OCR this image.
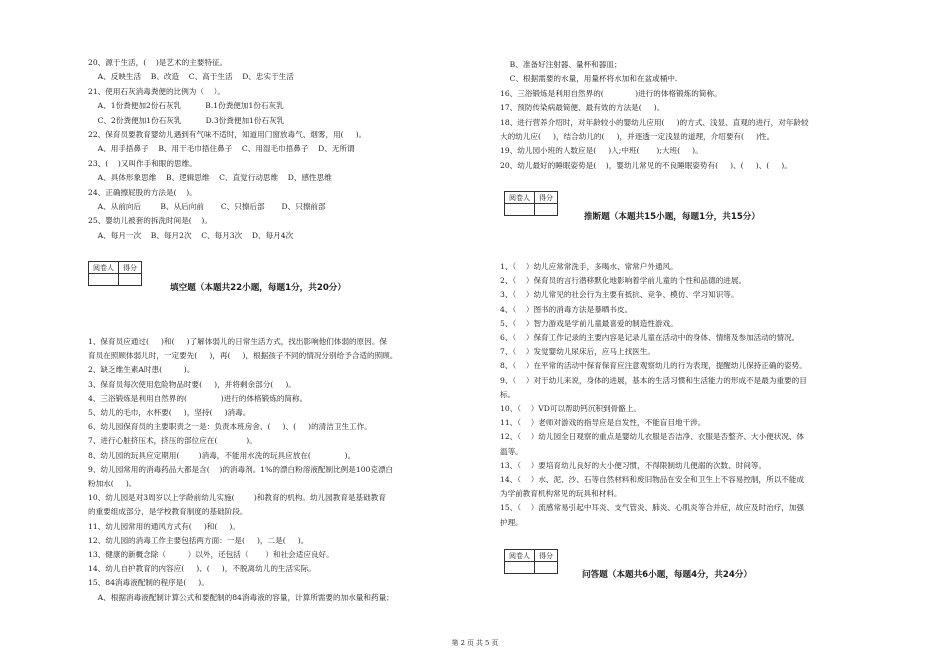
20、源于生活，(    )是艺术的主要特征。
A、反映生活    B、改造    C、高于生活    D、忠实于生活
21、使用石灰消毒粪便的比例为（    ）。
A、1份粪便加2份石灰乳          B.1份粪便加1份石灰乳
C、2份粪便加1份石灰乳          D.3份粪便加1份石灰乳
22、保育员要教育婴幼儿遇到有气味不适时，知道用门窗放毒气、烟雾，用(     )。
A、用手捂鼻子    B、用干毛巾捂住鼻子    C、用湿毛巾捂鼻子    D、无所谓
23、(    )又叫作手和眼的思维。
A、具体形象思维    B、逻辑思维    C、直觉行动思维    D、感性思维
24、正确擦屁股的方法是(    )。
A、从前向后        B、从后向前       C、只擦后部       D、只擦前部
25、婴幼儿被套的拆洗时间是(    )。
A、每月一次    B、每月2次    C、每月3次    D、每月4次
阅卷人	得分

填空题（本题共22小题，每题1分，共20分）
1、保育员应通过(     )和(     )了解体弱儿的日常生活方式，找出影响他们体弱的原因。保
育员在照顾体弱儿时，一定要先(     )，再(     )，根据孩子不同的情况分别给予合适的照顾。
2、缺乏维生素A时患(         )。
3、保育员每次使用危险物品时要(     )，并将剩余部分(     )。
4、三浴锻炼是利用自然界的(              )进行的体格锻炼的简称。
5、幼儿的毛巾，水杯要(     )，坚持(     )消毒。
6、幼儿园保育员的主要职责之一是：负责本班房舍、(     )、(     )的清洁卫生工作。
7、进行心脏挤压术，挤压的部位应在(            )。
8、幼儿园的玩具应定期用(        )消毒，不能用水洗的玩具应放在(              )。
9、幼儿园常用的消毒药品大都是含(    )的消毒剂。1%的漂白粉溶液配制比例是100克漂白
粉加水(     )。
10、幼儿园是对3周岁以上学龄前幼儿实施(        )和教育的机构。幼儿园教育是基础教育
的重要组成部分，是学校教育制度的基础阶段。
11、幼儿园常用的通风方式有(     )和(     )。
12、幼儿园的消毒工作主要包括两方面：一是(     )，二是(     )。
13、健康的新概念除（         ）以外，还包括（       ）和社会适应良好。
14、幼儿自护教育的内容应(     )、(     )，不脱离幼儿的生活实际。
15、84消毒液配制的程序是(     )。
A、根据消毒液配制计算公式和要配制的84消毒液的容量，计算所需要的加水量和药量；
B、准备好注射器、量杯和器皿；
C、根据需要的水量，用量杯将水加和在盆或桶中.
16、三浴锻炼是利用自然界的(             )进行的体格锻炼的简称。
17、预防传染病最简便、最有效的方法是(     )。
18、进行营养介绍时，对年龄较小的婴幼儿应用(     )的方式、浅显、直观的进行，对年龄较
大的幼儿应(     )，结合幼儿的(     )，并逐透一定浅显的道理，介绍要有(     )性。
19、幼儿园小班的人数应是(     )人;中班(       );大班(     )。
20、幼儿最好的睡眠姿势是(    )，婴幼儿常见的不良睡眠姿势有(     )、(     )、(     )。
阅卷人	得分

推断题（本题共15小题，每题1分，共15分）
1、（    ）幼儿应常常洗手，多喝水、常常户外通风。
2、（    ）保育员的言行潜移默化地影响着学前儿童的个性和品德的进展。
3、（    ）幼儿常见的社会行为主要有抵抗、竞争、模仿、学习知识等。
4、（    ）图书的消毒方法是暴晒书皮。
5、（    ）智力游戏是学前儿童最喜爱的制造性游戏。
6、（    ）保育工作记录的主要内容是记录儿童在活动中的身体、情绪及参加活动的情况。
7、（    ）发觉婴幼儿尿床后，应马上找医生。
8、（    ）在平常的活动中保育保育应注意观察幼儿的行为表现，提醒幼儿保持正确的姿势。
9、（    ）对于幼儿来说，身体的进展，基本的生活习惯和生活能力的形成不是最为重要的目
标。
10、（    ）VD可以帮助钙沉积到骨骼上。
11、（    ）老师对游戏的指导应是自发性，不能盲目地干涉。
12、（    ）幼儿园全日观察的重点是婴幼儿衣服是否洁净、衣服是否整齐、大小便状况、体
温等。
13、（    ）要培育幼儿良好的大小便习惯，不得限制幼儿便溺的次数、时间等。
14、（    ）水、泥、沙、石等自然材料和废旧物品在安全和卫生上不容易控制，所以不能成
为学前教育机构常见的玩具和材料。
15、（    ）流感常易引起中耳炎、支气管炎、肺炎、心肌炎等合并症，故应及时治疗，加强
护理。
阅卷人	得分

问答题（本题共6小题，每题4分，共24分）
第 2 页 共 5 页
